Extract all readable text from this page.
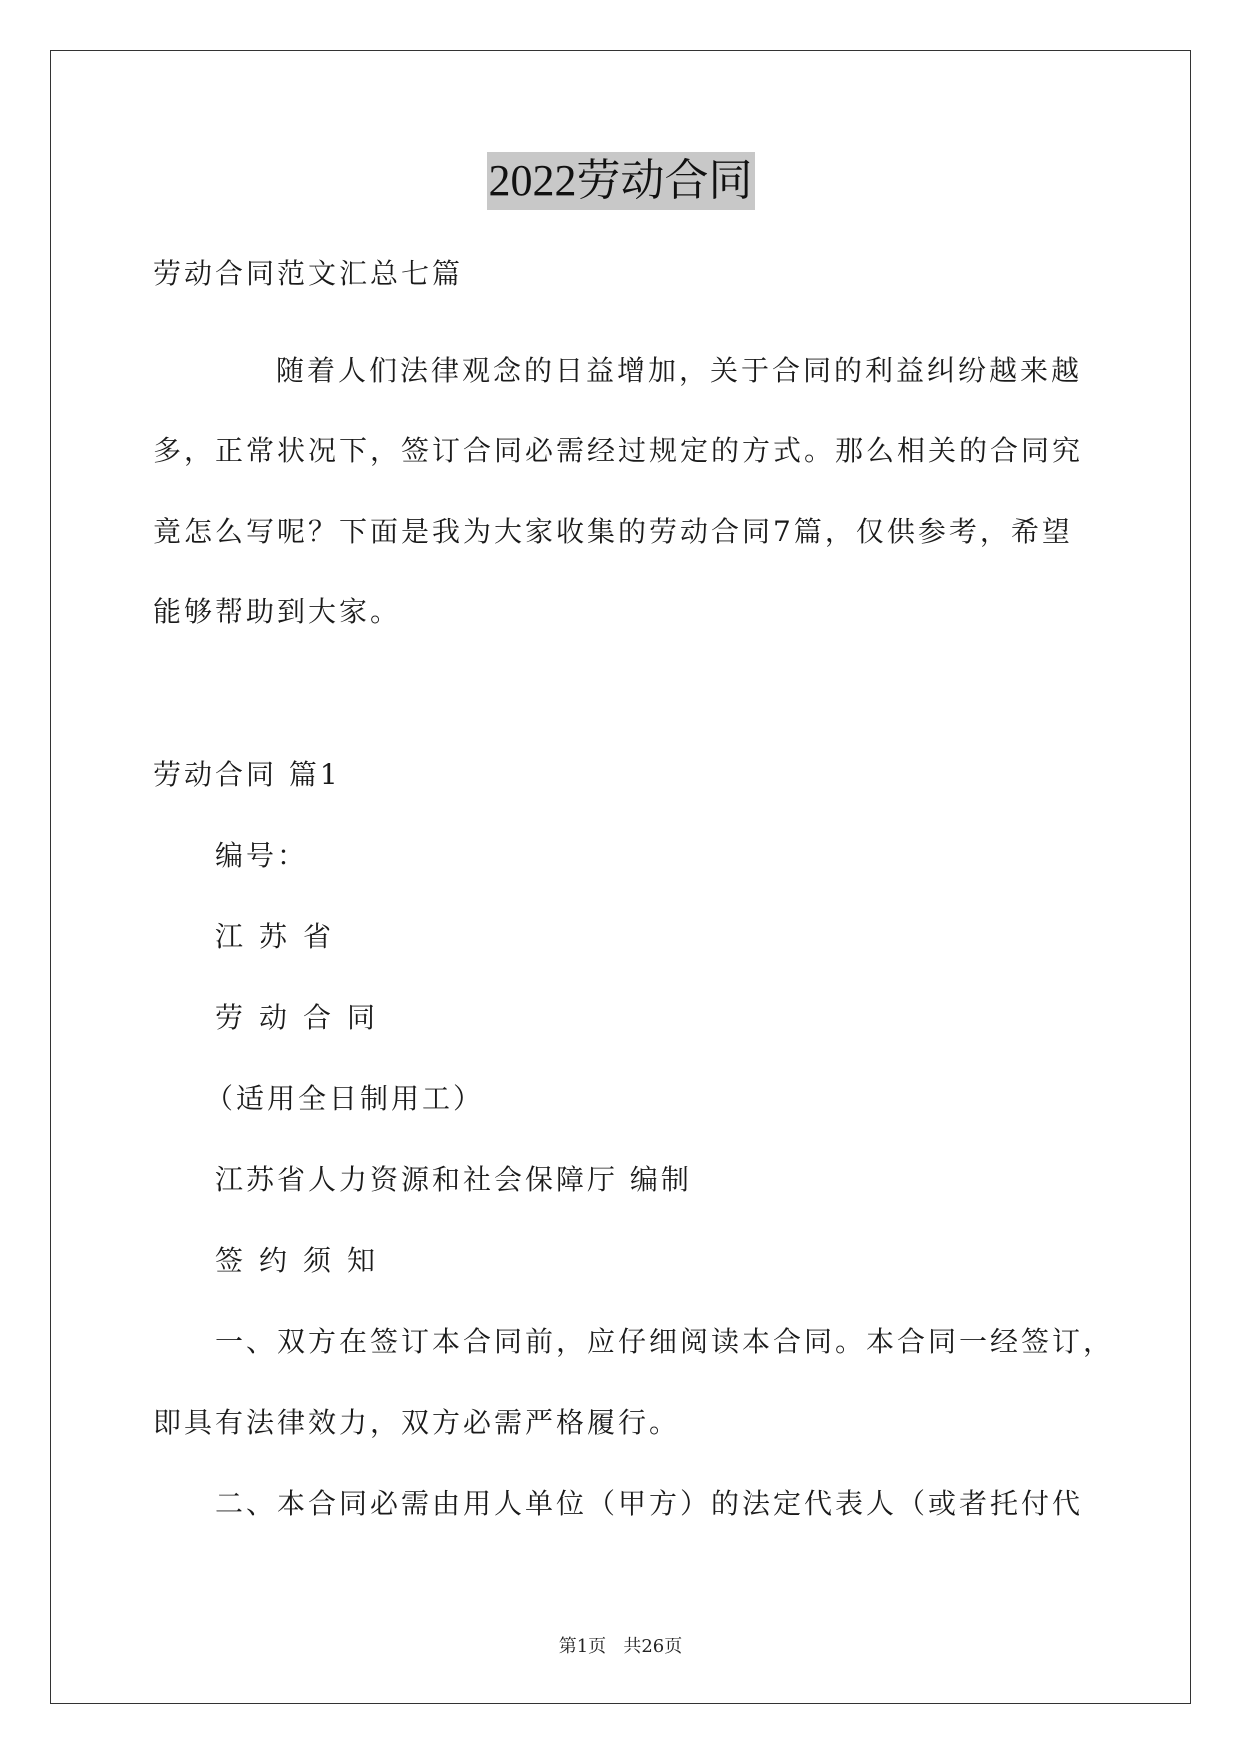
2022劳动合同
劳动合同范文汇总七篇
随着人们法律观念的日益增加，关于合同的利益纠纷越来越
多，正常状况下，签订合同必需经过规定的方式。那么相关的合同究
竟怎么写呢？下面是我为大家收集的劳动合同7篇，仅供参考，希望
能够帮助到大家。
劳动合同 篇1
编号：
江苏省
劳动合同
（适用全日制用工）
江苏省人力资源和社会保障厅 编制
签约须知
一、双方在签订本合同前，应仔细阅读本合同。本合同一经签订，
即具有法律效力，双方必需严格履行。
二、本合同必需由用人单位（甲方）的法定代表人（或者托付代
第1页 共26页
